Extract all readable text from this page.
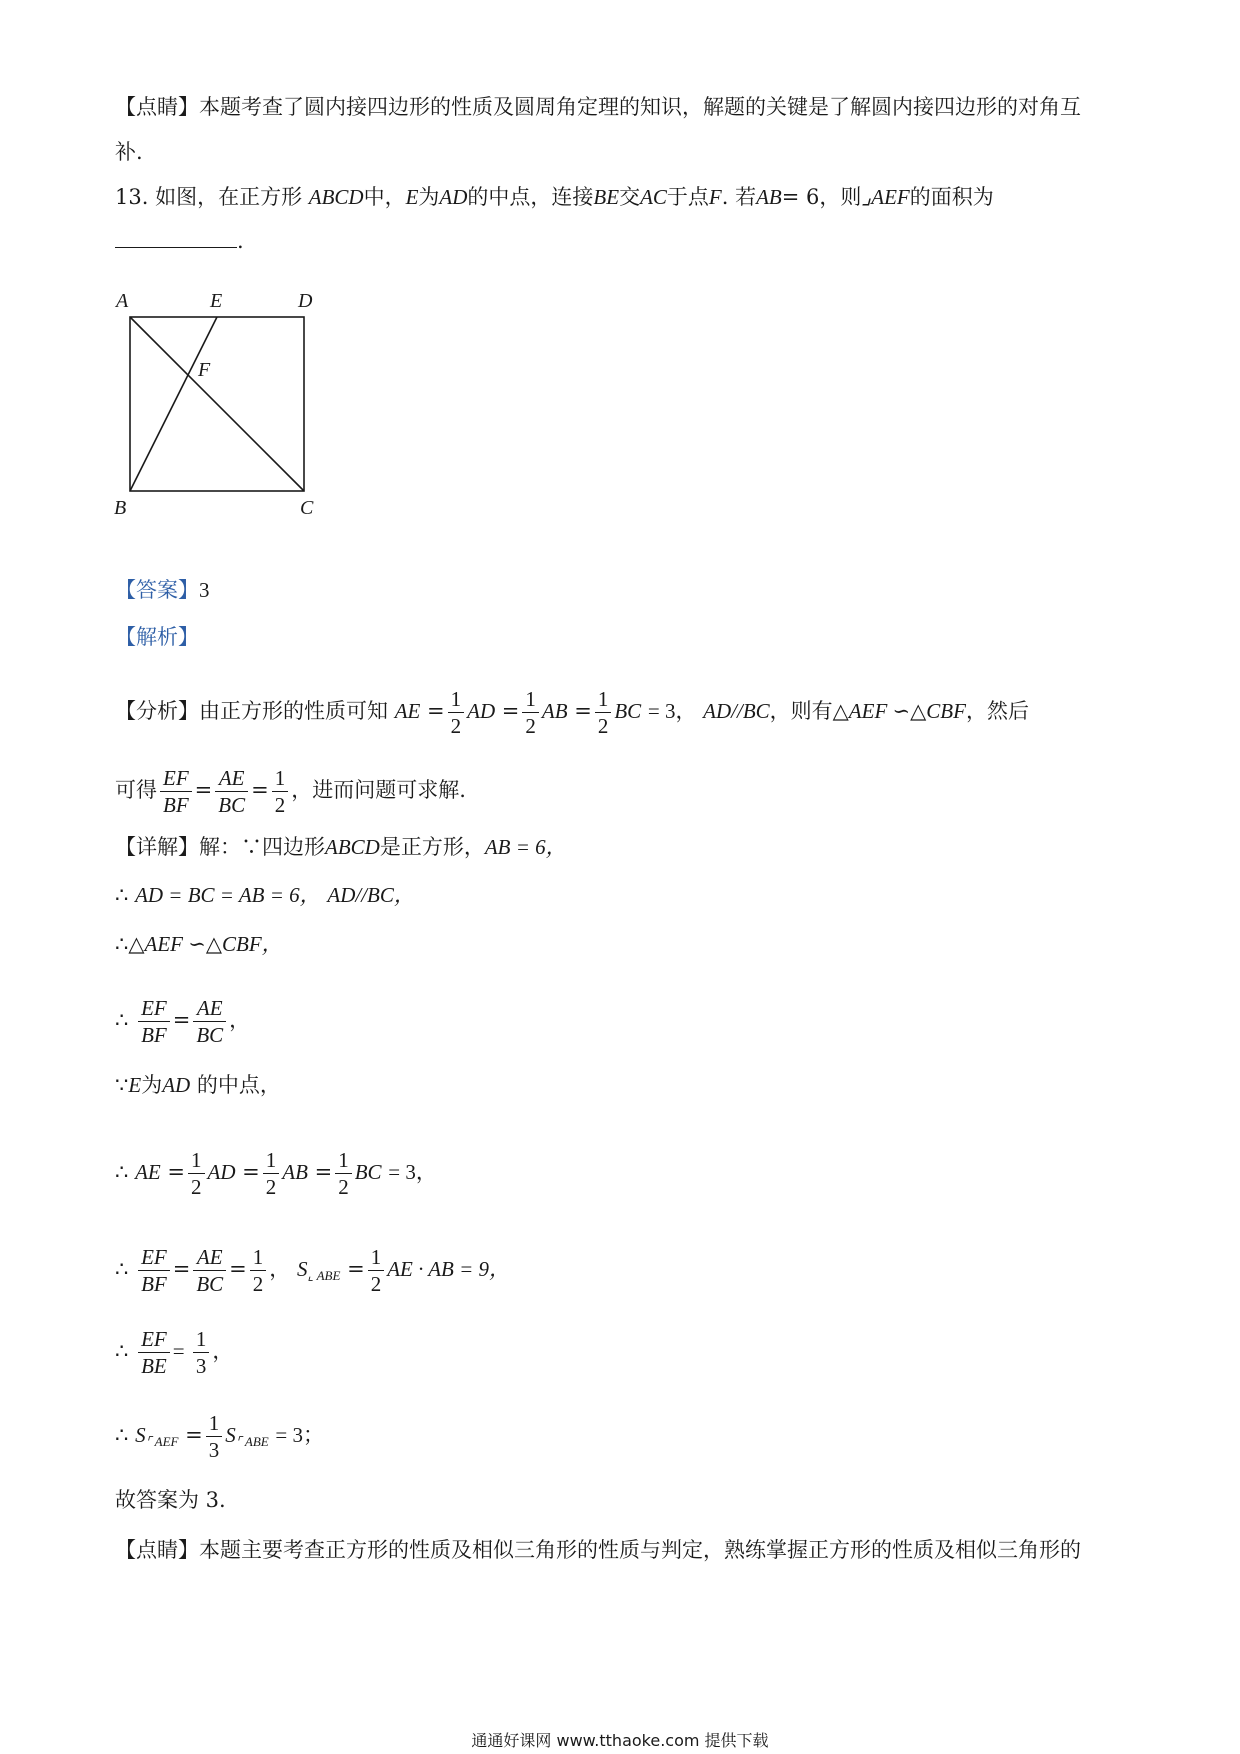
【点睛】本题考查了圆内接四边形的性质及圆周角定理的知识，解题的关键是了解圆内接四边形的对角互
补.
13. 如图，在正方形 ABCD中，E为AD的中点，连接BE交AC于点F. 若AB= 6，则⌟AEF的面积为
.
A	E	D
F
B	C
【答案】3
【解析】
【分析】由正方形的性质可知 AE = $\frac{1}{2}$ AD = $\frac{1}{2}$ AB = $\frac{1}{2}$ BC = 3， AD//BC，则有△AEF ∽△CBF，然后
可得 $\frac{EF}{BF} = \frac{AE}{BC} = \frac{1}{2}$ ，进而问题可求解.
【详解】解：∵四边形ABCD是正方形，AB = 6，
∴ AD = BC = AB = 6， AD//BC，
∴△AEF ∽△CBF，
∴ $\frac{EF}{BF} = \frac{AE}{BC}$ ，
∵E为AD 的中点，
∴ AE = $\frac{1}{2}$ AD = $\frac{1}{2}$ AB = $\frac{1}{2}$ BC = 3，
∴ $\frac{EF}{BF} = \frac{AE}{BC} = \frac{1}{2}$ ， $S_{⌞ ABE} = \frac{1}{2}$ AE · AB = 9，
∴ $\frac{EF}{BE} = \frac{1}{3}$ ，
∴ $S_{⌜ AEF} = \frac{1}{3} S_{⌜ ABE} = 3$；
故答案为 3.
【点睛】本题主要考查正方形的性质及相似三角形的性质与判定，熟练掌握正方形的性质及相似三角形的
通通好课网 www.tthaoke.com 提供下载
